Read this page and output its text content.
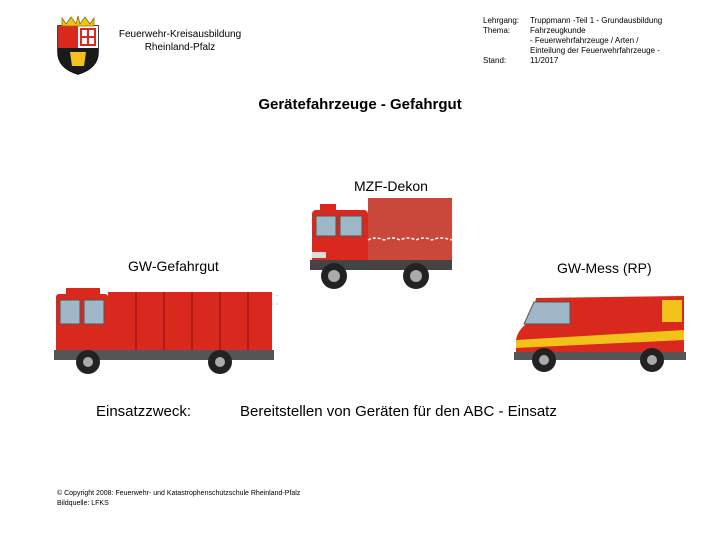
Feuerwehr-Kreisausbildung
Rheinland-Pfalz
Lehrgang:	Truppmann -Teil 1 - Grundausbildung
Thema:	Fahrzeugkunde
- Feuerwehrfahrzeuge / Arten /
Einteilung der Feuerwehrfahrzeuge -
Stand:	11/2017
Gerätefahrzeuge - Gefahrgut
MZF-Dekon
GW-Gefahrgut	GW-Mess (RP)
Einsatzzweck:	Bereitstellen von Geräten für den ABC - Einsatz
© Copyright 2008: Feuerwehr- und Katastrophenschutzschule Rheinland-Pfalz
Bildquelle: LFKS
